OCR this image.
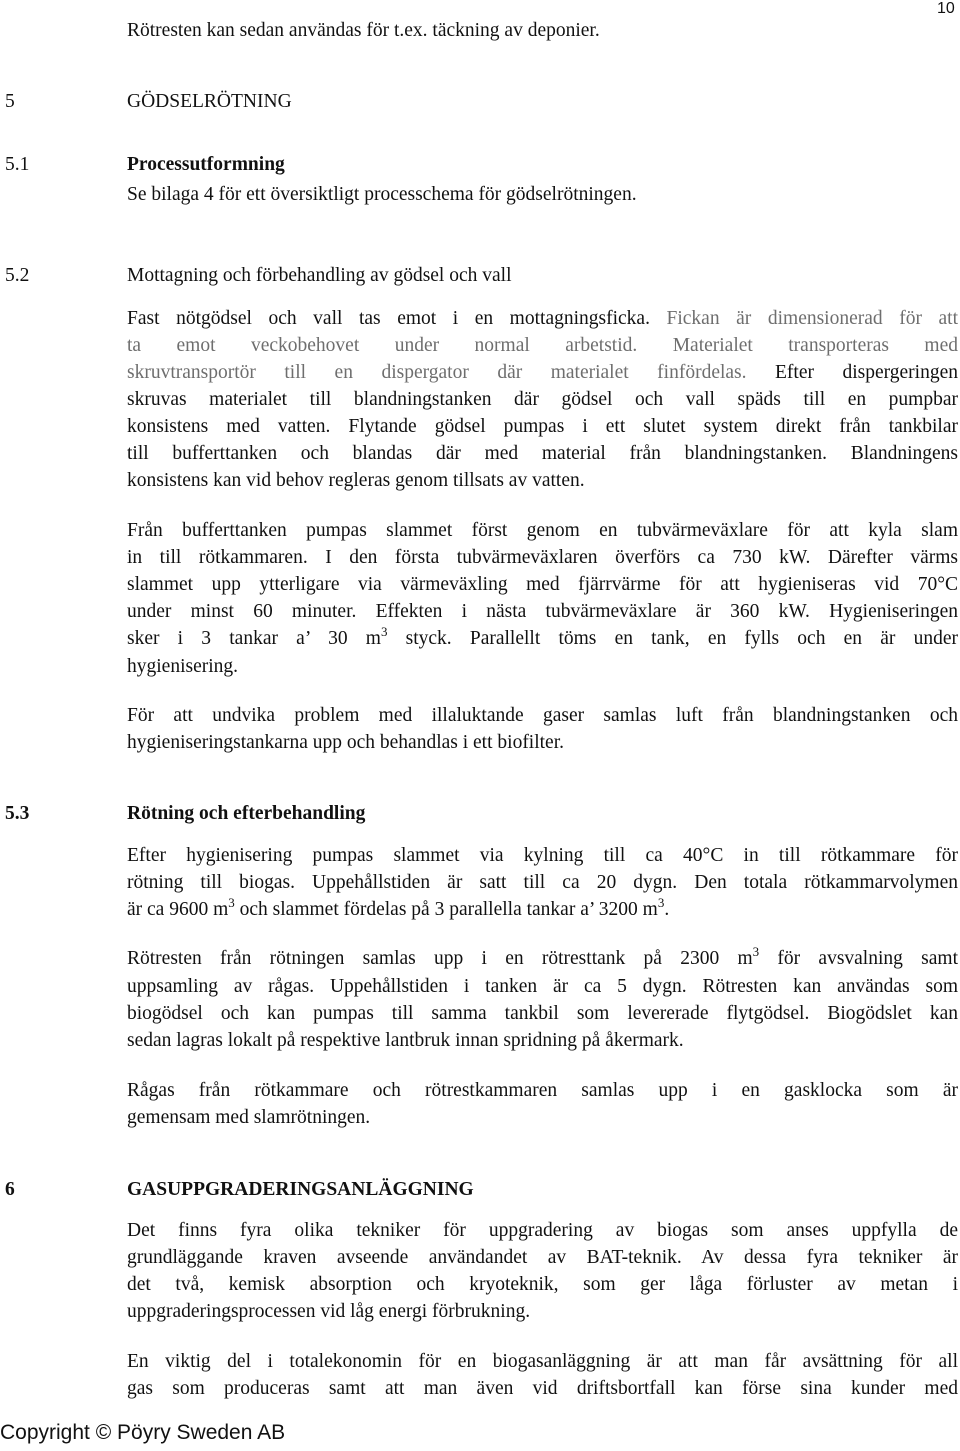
10
Rötresten kan sedan användas för t.ex. täckning av deponier.
5	GÖDSELRÖTNING
5.1	Processutformning
Se bilaga 4 för ett översiktligt processchema för gödselrötningen.
5.2	Mottagning och förbehandling av gödsel och vall
Fast nötgödsel och vall tas emot i en mottagningsficka. Fickan är dimensionerad för att
ta emot veckobehovet under normal arbetstid. Materialet transporteras med
skruvtransportör till en dispergator där materialet finfördelas. Efter dispergeringen
skruvas materialet till blandningstanken där gödsel och vall späds till en pumpbar
konsistens med vatten. Flytande gödsel pumpas i ett slutet system direkt från tankbilar
till bufferttanken och blandas där med material från blandningstanken. Blandningens
konsistens kan vid behov regleras genom tillsats av vatten.
Från bufferttanken pumpas slammet först genom en tubvärmeväxlare för att kyla slam
in till rötkammaren. I den första tubvärmeväxlaren överförs ca 730 kW. Därefter värms
slammet upp ytterligare via värmeväxling med fjärrvärme för att hygieniseras vid 70°C
under minst 60 minuter. Effekten i nästa tubvärmeväxlare är 360 kW. Hygieniseringen
sker i 3 tankar a’ 30 $m^3$ styck. Parallellt töms en tank, en fylls och en är under
hygienisering.
För att undvika problem med illaluktande gaser samlas luft från blandningstanken och
hygieniseringstankarna upp och behandlas i ett biofilter.
5.3	Rötning och efterbehandling
Efter hygienisering pumpas slammet via kylning till ca 40°C in till rötkammare för
rötning till biogas. Uppehållstiden är satt till ca 20 dygn. Den totala rötkammarvolymen
är ca 9600 $m^3$ och slammet fördelas på 3 parallella tankar a’ 3200 $m^3$.
Rötresten från rötningen samlas upp i en rötresttank på 2300 $m^3$ för avsvalning samt
uppsamling av rågas. Uppehållstiden i tanken är ca 5 dygn. Rötresten kan användas som
biogödsel och kan pumpas till samma tankbil som levererade flytgödsel. Biogödslet kan
sedan lagras lokalt på respektive lantbruk innan spridning på åkermark.
Rågas från rötkammare och rötrestkammaren samlas upp i en gasklocka som är
gemensam med slamrötningen.
6	GASUPPGRADERINGSANLÄGGNING
Det finns fyra olika tekniker för uppgradering av biogas som anses uppfylla de
grundläggande kraven avseende användandet av BAT-teknik. Av dessa fyra tekniker är
det två, kemisk absorption och kryoteknik, som ger låga förluster av metan i
uppgraderingsprocessen vid låg energi förbrukning.
En viktig del i totalekonomin för en biogasanläggning är att man får avsättning för all
gas som produceras samt att man även vid driftsbortfall kan förse sina kunder med
Copyright © Pöyry Sweden AB
